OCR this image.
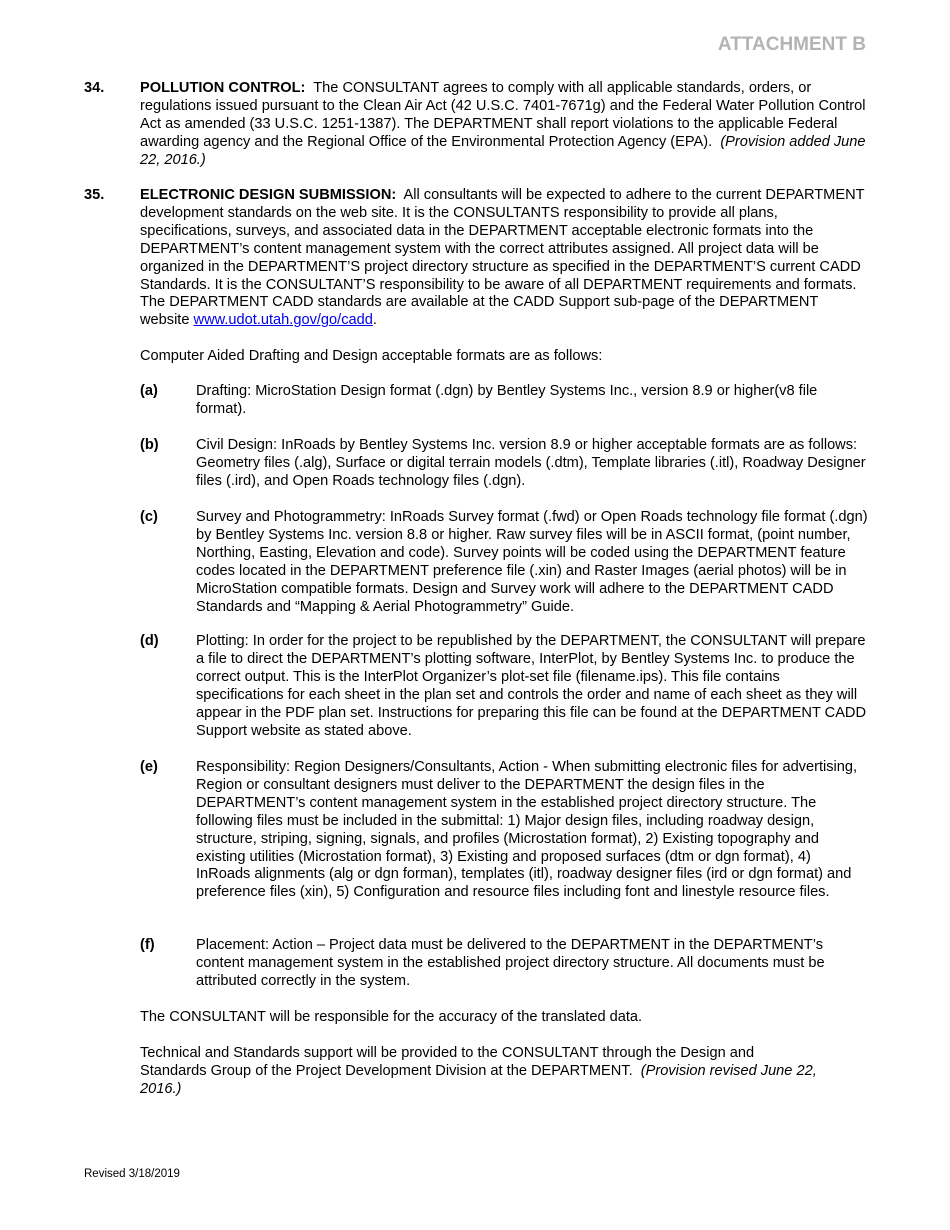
ATTACHMENT B
34. POLLUTION CONTROL: The CONSULTANT agrees to comply with all applicable standards, orders, or regulations issued pursuant to the Clean Air Act (42 U.S.C. 7401-7671g) and the Federal Water Pollution Control Act as amended (33 U.S.C. 1251-1387). The DEPARTMENT shall report violations to the applicable Federal awarding agency and the Regional Office of the Environmental Protection Agency (EPA). (Provision added June 22, 2016.)

35. ELECTRONIC DESIGN SUBMISSION: All consultants will be expected to adhere to the current DEPARTMENT development standards on the web site. It is the CONSULTANTS responsibility to provide all plans, specifications, surveys, and associated data in the DEPARTMENT acceptable electronic formats into the DEPARTMENT’s content management system with the correct attributes assigned. All project data will be organized in the DEPARTMENT’S project directory structure as specified in the DEPARTMENT’S current CADD Standards. It is the CONSULTANT’S responsibility to be aware of all DEPARTMENT requirements and formats. The DEPARTMENT CADD standards are available at the CADD Support sub-page of the DEPARTMENT website www.udot.utah.gov/go/cadd.

Computer Aided Drafting and Design acceptable formats are as follows:

(a)	Drafting: MicroStation Design format (.dgn) by Bentley Systems Inc., version 8.9 or higher(v8 file format).
(b)	Civil Design: InRoads by Bentley Systems Inc. version 8.9 or higher acceptable formats are as follows: Geometry files (.alg), Surface or digital terrain models (.dtm), Template libraries (.itl), Roadway Designer files (.ird), and Open Roads technology files (.dgn).
(c)	Survey and Photogrammetry: InRoads Survey format (.fwd) or Open Roads technology file format (.dgn) by Bentley Systems Inc. version 8.8 or higher. Raw survey files will be in ASCII format, (point number, Northing, Easting, Elevation and code). Survey points will be coded using the DEPARTMENT feature codes located in the DEPARTMENT preference file (.xin) and Raster Images (aerial photos) will be in MicroStation compatible formats. Design and Survey work will adhere to the DEPARTMENT CADD Standards and “Mapping & Aerial Photogrammetry” Guide.
(d)	Plotting: In order for the project to be republished by the DEPARTMENT, the CONSULTANT will prepare a file to direct the DEPARTMENT’s plotting software, InterPlot, by Bentley Systems Inc. to produce the correct output. This is the InterPlot Organizer’s plot-set file (filename.ips). This file contains specifications for each sheet in the plan set and controls the order and name of each sheet as they will appear in the PDF plan set. Instructions for preparing this file can be found at the DEPARTMENT CADD Support website as stated above.
(e)	Responsibility: Region Designers/Consultants, Action - When submitting electronic files for advertising, Region or consultant designers must deliver to the DEPARTMENT the design files in the DEPARTMENT’s content management system in the established project directory structure. The following files must be included in the submittal: 1) Major design files, including roadway design, structure, striping, signing, signals, and profiles (Microstation format), 2) Existing topography and existing utilities (Microstation format), 3) Existing and proposed surfaces (dtm or dgn format), 4) InRoads alignments (alg or dgn forman), templates (itl), roadway designer files (ird or dgn format) and preference files (xin), 5) Configuration and resource files including font and linestyle resource files.
(f)	Placement: Action – Project data must be delivered to the DEPARTMENT in the DEPARTMENT’s content management system in the established project directory structure. All documents must be attributed correctly in the system.

The CONSULTANT will be responsible for the accuracy of the translated data.

Technical and Standards support will be provided to the CONSULTANT through the Design and Standards Group of the Project Development Division at the DEPARTMENT. (Provision revised June 22, 2016.)

Revised 3/18/2019
